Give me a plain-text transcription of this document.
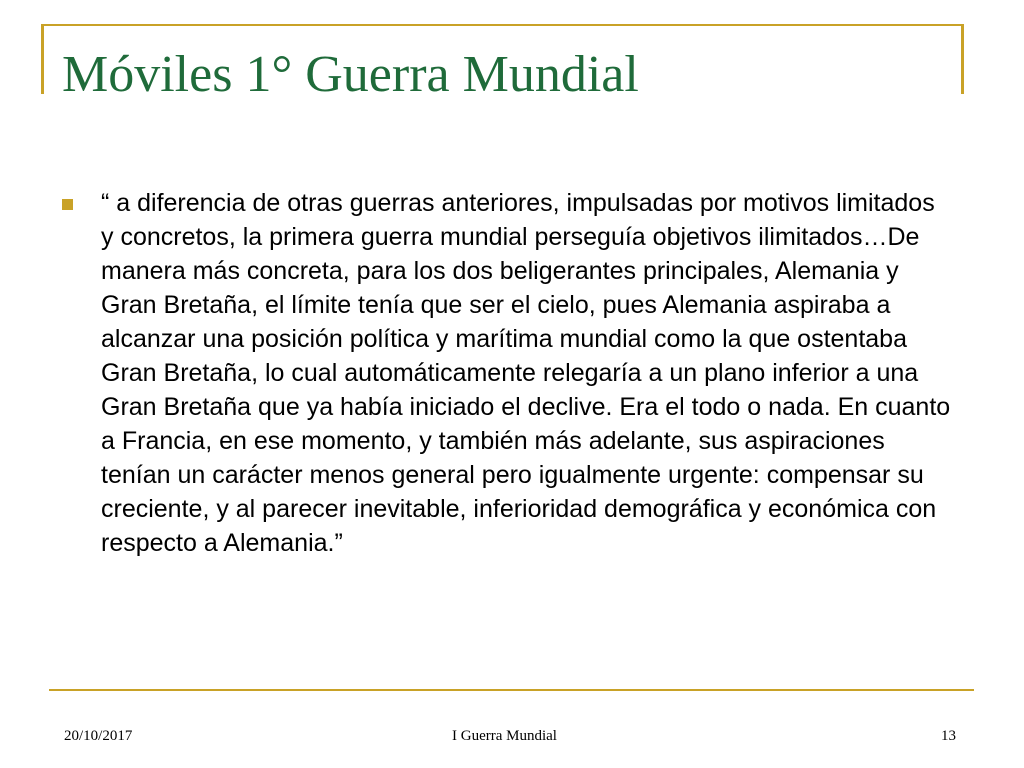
Móviles 1° Guerra Mundial

“ a diferencia de otras guerras anteriores, impulsadas por motivos limitados y concretos, la primera guerra mundial perseguía objetivos ilimitados…De manera más concreta, para los dos beligerantes principales, Alemania y Gran Bretaña, el límite tenía que ser el cielo, pues Alemania aspiraba a alcanzar una posición política y marítima mundial como la que ostentaba Gran Bretaña, lo cual automáticamente relegaría a un plano inferior a una Gran Bretaña que ya había iniciado el declive. Era el todo o nada. En cuanto a Francia, en ese momento, y también más adelante, sus aspiraciones tenían un carácter menos general pero igualmente urgente: compensar su creciente, y al parecer inevitable, inferioridad demográfica y económica con respecto a Alemania.”

20/10/2017	I Guerra Mundial	13
